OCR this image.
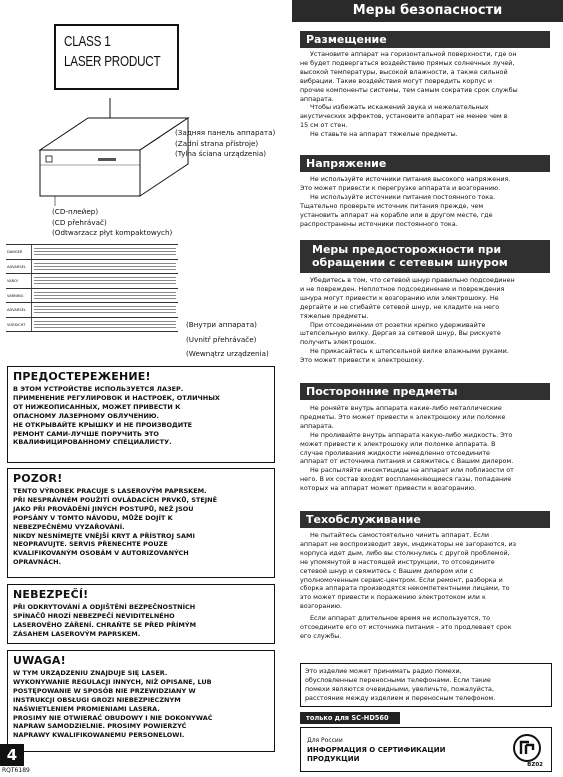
CLASS 1
LASER PRODUCT
(Задняя панель аппарата)
(Zadní strana přístroje)
(Tylna ściana urządzenia)
(CD-плейер)
(CD přehrávač)
(Odtwarzacz płyt kompaktowych)
DANGER
ADVARSEL
VARO!
VARNING
ADVARSEL
VORSICHT	(Внутри аппарата)
(Uvnitř přehrávače)
(Wewnątrz urządzenia)
ПРЕДОСТЕРЕЖЕНИЕ!
В ЭТОМ УСТРОЙСТВЕ ИСПОЛЬЗУЕТСЯ ЛАЗЕР.
ПРИМЕНЕНИЕ РЕГУЛИРОВОК И НАСТРОЕК, ОТЛИЧНЫХ
ОТ НИЖЕОПИСАННЫХ, МОЖЕТ ПРИВЕСТИ К
ОПАСНОМУ ЛАЗЕРНОМУ ОБЛУЧЕНИЮ.
НЕ ОТКРЫВАЙТЕ КРЫШКУ И НЕ ПРОИЗВОДИТЕ
РЕМОНТ САМИ-ЛУЧШЕ ПОРУЧИТЬ ЭТО
КВАЛИФИЦИРОВАННОМУ СПЕЦИАЛИСТУ.
POZOR!
TENTO VÝROBEK PRACUJE S LASEROVÝM PAPRSKEM.
PŘI NESPRÁVNÉM POUŽITÍ OVLÁDACÍCH PRVKŮ, STEJNĚ
JAKO PŘI PROVÁDĚNÍ JINÝCH POSTUPŮ, NEŽ JSOU
POPSÁNY V TOMTO NÁVODU, MŮŽE DOJÍT K
NEBEZPEČNÉMU VYZAŘOVÁNÍ.
NIKDY NESNÍMEJTE VNĚJŠÍ KRYT A PŘÍSTROJ SAMI
NEOPRAVUJTE. SERVIS PŘENECHTE POUZE
KVALIFIKOVANÝM OSOBÁM V AUTORIZOVANÝCH
OPRAVNÁCH.
NEBEZPEČÍ!
PŘI ODKRYTOVÁNÍ A ODJIŠTĚNÍ BEZPEČNOSTNÍCH
SPÍNAČŮ HROZÍ NEBEZPEČÍ NEVIDITELNÉHO
LASEROVÉHO ZÁŘENÍ. CHRAŇTE SE PŘED PŘÍMÝM
ZÁSAHEM LASEROVÝM PAPRSKEM.
UWAGA!
W TYM URZĄDZENIU ZNAJDUJE SIĘ LASER.
WYKONYWANIE REGULACJI INNYCH, NIŻ OPISANE, LUB
POSTĘPOWANIE W SPOSÓB NIE PRZEWIDZIANY W
INSTRUKCJI OBSŁUGI GROZI NIEBEZPIECZNYM
NAŚWIETLENIEM PROMIENIAMI LASERA.
PROSIMY NIE OTWIERAĆ OBUDOWY I NIE DOKONYWAĆ
NAPRAW SAMODZIELNIE. PROSIMY POWIERZYĆ
NAPRAWY KWALIFIKOWANEMU PERSONELOWI.
4
RQT6189
Меры безопасности
Размещение
Установите аппарат на горизонтальной поверхности, где он
не будет подвергаться воздействию прямых солнечных лучей,
высокой температуры, высокой влажности, а также сильной
вибрации. Такие воздействия могут повредить корпус и
прочие компоненты системы, тем самым сократив срок службы
аппарата.
Чтобы избежать искажений звука и нежелательных
акустических эффектов, установите аппарат не менее чем в
15 см от стен.
Не ставьте на аппарат тяжелые предметы.
Напряжение
Не используйте источники питания высокого напряжения.
Это может привести к перегрузке аппарата и возгоранию.
Не используйте источники питания постоянного тока.
Тщательно проверьте источник питания прежде, чем
установить аппарат на корабле или в другом месте, где
распространены источники постоянного тока.
Меры предосторожности при
обращении с сетевым шнуром
Убедитесь в том, что сетевой шнур правильно подсоединен
и не поврежден. Неплотное подсоединение и повреждения
шнура могут привести к возгоранию или электрошоку. Не
дергайте и не сгибайте сетевой шнур, не кладите на него
тяжелые предметы.
При отсоединении от розетки крепко удерживайте
штепсельную вилку. Дергая за сетевой шнур, Вы рискуете
получить электрошок.
Не прикасайтесь к штепсельной вилке влажными руками.
Это может привести к электрошоку.
Посторонние предметы
Не роняйте внутрь аппарата какие-либо металлические
предметы. Это может привести к электрошоку или поломке
аппарата.
Не проливайте внутрь аппарата какую-либо жидкость. Это
может привести к электрошоку или поломке аппарата. В
случае проливания жидкости немедленно отсоедините
аппарат от источника питания и свяжитесь с Вашим дилером.
Не распыляйте инсектициды на аппарат или поблизости от
него. В их состав входят воспламеняющиеся газы, попадание
которых на аппарат может привести к возгоранию.
Техобслуживание
Не пытайтесь самостоятельно чинить аппарат. Если
аппарат не воспроизводит звук, индикаторы не загораются, из
корпуса идет дым, либо вы столкнулись с другой проблемой,
не упомянутой в настоящей инструкции, то отсоедините
сетевой шнур и свяжитесь с Вашим дилером или с
уполномоченным сервис-центром. Если ремонт, разборка и
сборка аппарата производятся некомпетентными лицами, то
это может привести к поражению электротоком или к
возгоранию.
Если аппарат длительное время не используется, то
отсоедините его от источника питания – это продлевает срок
его службы.
Это изделие может принимать радио помехи,
обусловленные переносными телефонами. Если такие
помехи являются очевидными, увеличьте, пожалуйста,
расстояние между изделием и переносным телефоном.
только для SC-HD560
Для России
ИНФОРМАЦИЯ О СЕРТИФИКАЦИИ
ПРОДУКЦИИ
BZ02
